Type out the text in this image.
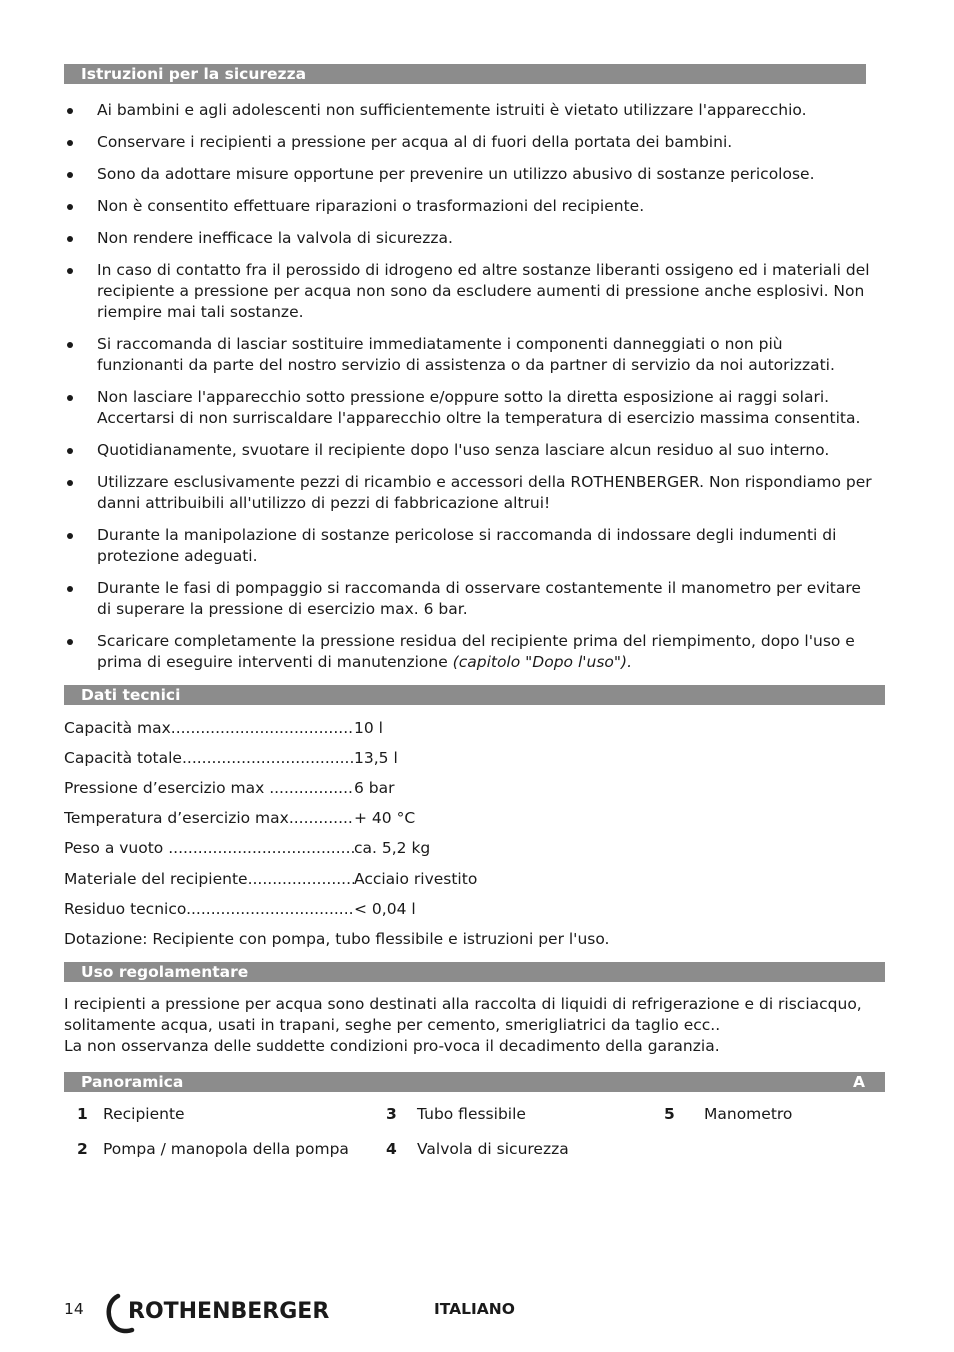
Istruzioni per la sicurezza
Ai bambini e agli adolescenti non sufficientemente istruiti è vietato utilizzare l'apparecchio.
Conservare i recipienti a pressione per acqua al di fuori della portata dei bambini.
Sono da adottare misure opportune per prevenire un utilizzo abusivo di sostanze pericolose.
Non è consentito effettuare riparazioni o trasformazioni del recipiente.
Non rendere inefficace la valvola di sicurezza.
In caso di contatto fra il perossido di idrogeno ed altre sostanze liberanti ossigeno ed i materiali del recipiente a pressione per acqua non sono da escludere aumenti di pressione anche esplosivi. Non riempire mai tali sostanze.
Si raccomanda di lasciar sostituire immediatamente i componenti danneggiati o non più funzionanti da parte del nostro servizio di assistenza o da partner di servizio da noi autorizzati.
Non lasciare l'apparecchio sotto pressione e/oppure sotto la diretta esposizione ai raggi solari. Accertarsi di non surriscaldare l'apparecchio oltre la temperatura di esercizio massima consentita.
Quotidianamente, svuotare il recipiente dopo l'uso senza lasciare alcun residuo al suo interno.
Utilizzare esclusivamente pezzi di ricambio e accessori della ROTHENBERGER. Non rispondiamo per danni attribuibili all'utilizzo di pezzi di fabbricazione altrui!
Durante la manipolazione di sostanze pericolose si raccomanda di indossare degli indumenti di protezione adeguati.
Durante le fasi di pompaggio si raccomanda di osservare costantemente il manometro per evitare di superare la pressione di esercizio max. 6 bar.
Scaricare completamente la pressione residua del recipiente prima del riempimento, dopo l'uso e prima di eseguire interventi di manutenzione (capitolo "Dopo l'uso").
Dati tecnici
Capacità max .....	10 l
Capacità totale .....	13,5 l
Pressione d’esercizio max .....	6 bar
Temperatura d’esercizio max .....	+ 40 °C
Peso a vuoto .....	ca. 5,2 kg
Materiale del recipiente .....	Acciaio rivestito
Residuo tecnico .....	< 0,04 l

Dotazione: Recipiente con pompa, tubo flessibile e istruzioni per l'uso.

Uso regolamentare
I recipienti a pressione per acqua sono destinati alla raccolta di liquidi di refrigerazione e di risciacquo, solitamente acqua, usati in trapani, seghe per cemento, smerigliatrici da taglio ecc..
La non osservanza delle suddette condizioni pro-voca il decadimento della garanzia.
Panoramica	A
1 Recipiente
2 Pompa / manopola della pompa
3 Tubo flessibile
4 Valvola di sicurezza
5 Manometro
14 ROTHENBERGER	ITALIANO
